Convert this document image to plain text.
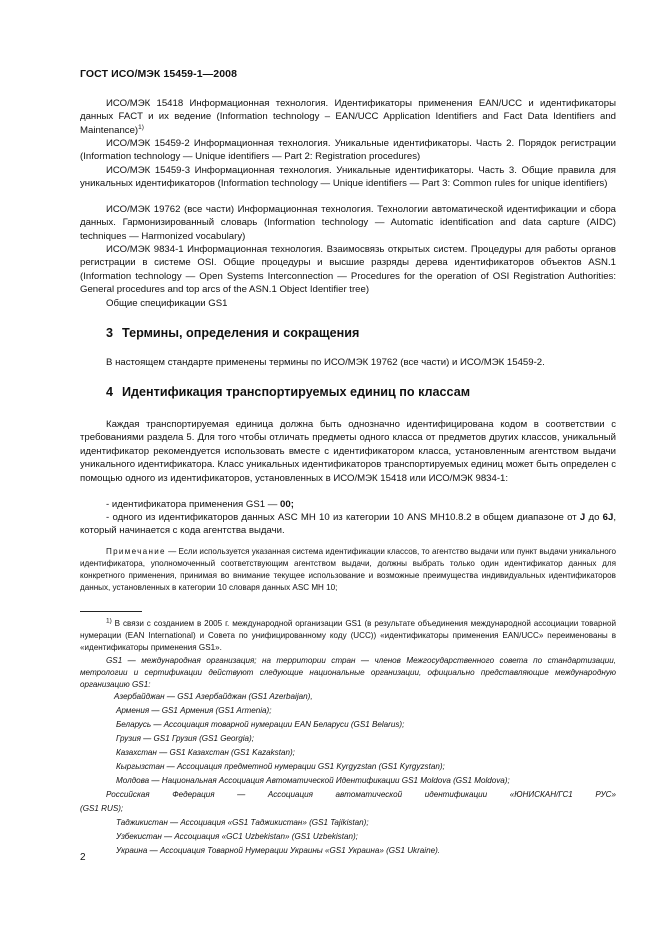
ГОСТ ИСО/МЭК 15459-1—2008

ИСО/МЭК 15418 Информационная технология. Идентификаторы применения EAN/UCC и идентификаторы данных FACT и их ведение (Information technology – EAN/UCC Application Identifiers and Fact Data Identifiers and Maintenance)$^{1)}$

ИСО/МЭК 15459-2 Информационная технология. Уникальные идентификаторы. Часть 2. Порядок регистрации (Information technology — Unique identifiers — Part 2: Registration procedures)

ИСО/МЭК 15459-3 Информационная технология. Уникальные идентификаторы. Часть 3. Общие правила для уникальных идентификаторов (Information technology — Unique identifiers — Part 3: Common rules for unique identifiers)

ИСО/МЭК 19762 (все части) Информационная технология. Технологии автоматической идентификации и сбора данных. Гармонизированный словарь (Information technology — Automatic identification and data capture (AIDC) techniques — Harmonized vocabulary)

ИСО/МЭК 9834-1 Информационная технология. Взаимосвязь открытых систем. Процедуры для работы органов регистрации в системе OSI. Общие процедуры и высшие разряды дерева идентификаторов объектов ASN.1 (Information technology — Open Systems Interconnection — Procedures for the operation of OSI Registration Authorities: General procedures and top arcs of the ASN.1 Object Identifier tree)

Общие спецификации GS1

3 Термины, определения и сокращения

В настоящем стандарте применены термины по ИСО/МЭК 19762 (все части) и ИСО/МЭК 15459-2.

4 Идентификация транспортируемых единиц по классам

Каждая транспортируемая единица должна быть однозначно идентифицирована кодом в соответствии с требованиями раздела 5. Для того чтобы отличать предметы одного класса от предметов других классов, уникальный идентификатор рекомендуется использовать вместе с идентификатором класса, установленным агентством выдачи уникального идентификатора. Класс уникальных идентификаторов транспортируемых единиц может быть определен с помощью одного из идентификаторов, установленных в ИСО/МЭК 15418 или ИСО/МЭК 9834-1:

- идентификатора применения GS1 — 00;

- одного из идентификаторов данных ASC MH 10 из категории 10 ANS MH10.8.2 в общем диапазоне от J до 6J, который начинается с кода агентства выдачи.

Примечание — Если используется указанная система идентификации классов, то агентство выдачи или пункт выдачи уникального идентификатора, уполномоченный соответствующим агентством выдачи, должны выбрать только один идентификатор данных для конкретного применения, принимая во внимание текущее использование и возможные преимущества индивидуальных идентификаторов данных, установленных в категории 10 словаря данных ASC MH 10;

$^{1)}$ В связи с созданием в 2005 г. международной организации GS1 (в результате объединения международной ассоциации товарной нумерации (EAN International) и Совета по унифицированному коду (UCC)) «идентификаторы применения EAN/UCC» переименованы в «идентификаторы применения GS1».

GS1 — международная организация; на территории стран — членов Межгосударственного совета по стандартизации, метрологии и сертификации действуют следующие национальные организации, официально представляющие международную организацию GS1:

Азербайджан — GS1 Азербайджан (GS1 Azerbaijan),
Армения — GS1 Армения (GS1 Armenia);
Беларусь — Ассоциация товарной нумерации EAN Беларуси (GS1 Belarus);
Грузия — GS1 Грузия (GS1 Georgia);
Казахстан — GS1 Казахстан (GS1 Kazakstan);
Кыргызстан — Ассоциация предметной нумерации GS1 Kyrgyzstan (GS1 Kyrgyzstan);
Молдова — Национальная Ассоциация Автоматической Идентификации GS1 Moldova (GS1 Moldova);

Российская Федерация — Ассоциация автоматической идентификации «ЮНИСКАН/ГС1 РУС»

(GS1 RUS);
Таджикистан — Ассоциация «GS1 Таджикистан» (GS1 Tajikistan);
Узбекистан — Ассоциация «GC1 Uzbekistan» (GS1 Uzbekistan);
Украина — Ассоциация Товарной Нумерации Украины «GS1 Украина» (GS1 Ukraine).
2
